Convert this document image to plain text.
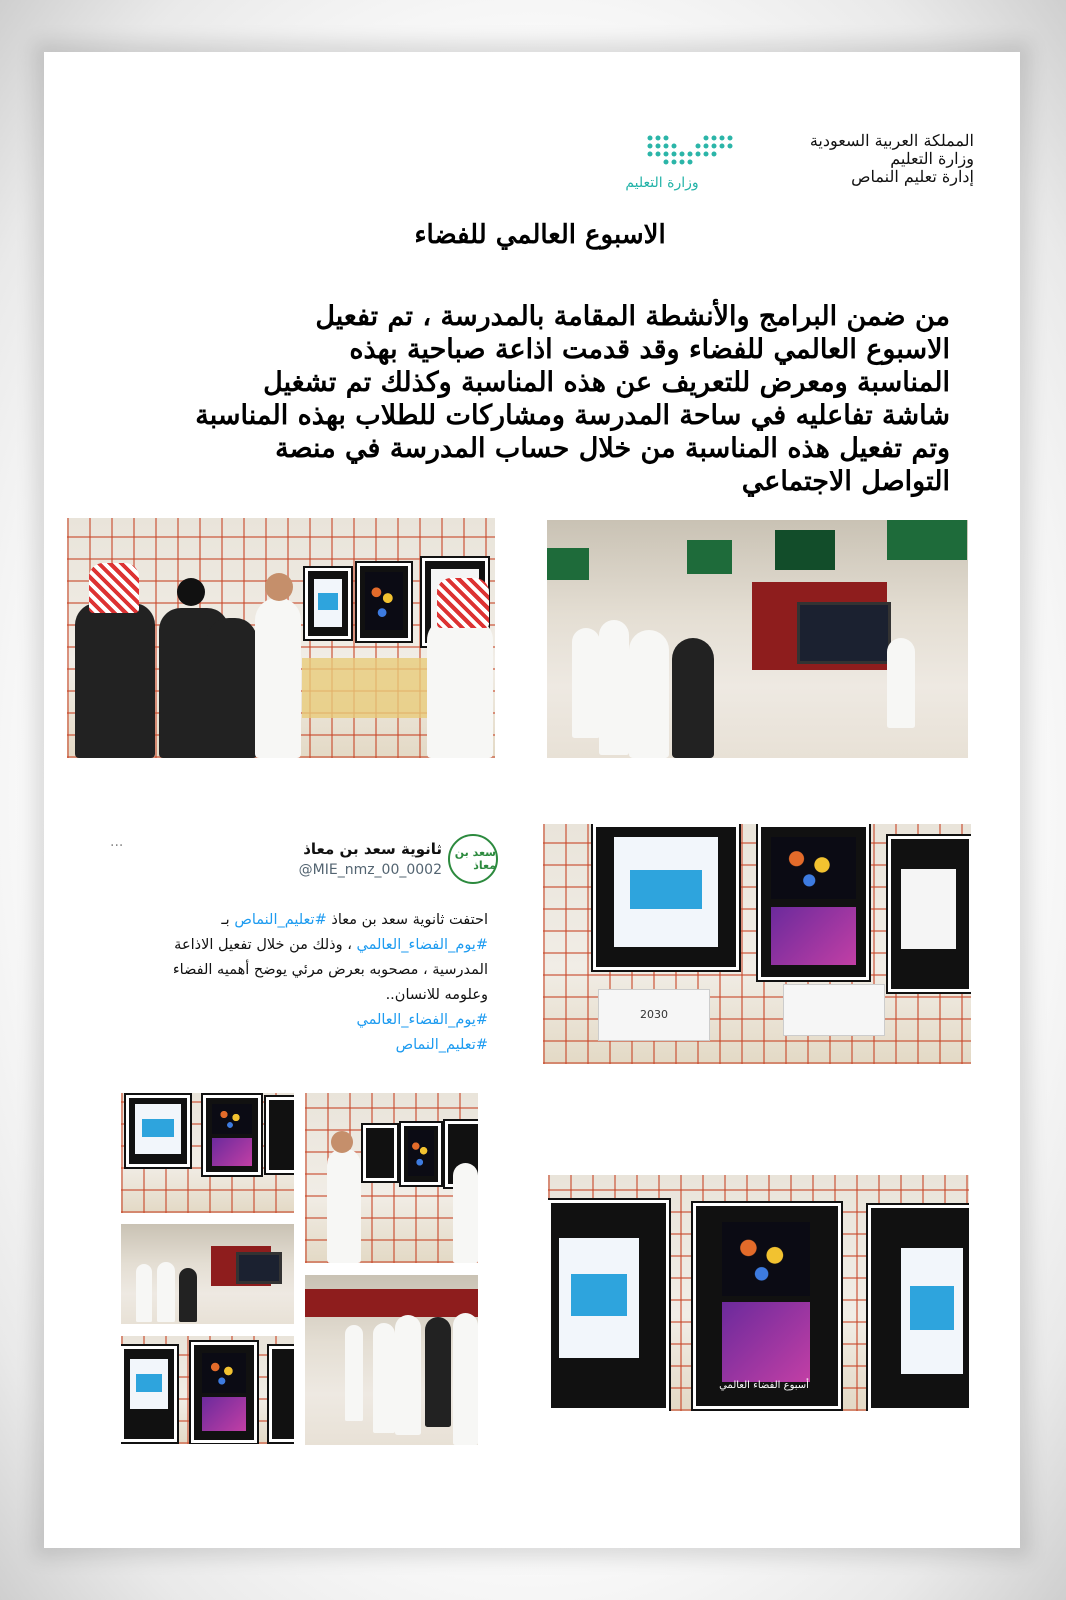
المملكة العربية السعودية
وزارة التعليم
إدارة تعليم النماص
وزارة التعليم
الاسبوع العالمي للفضاء
من ضمن البرامج والأنشطة المقامة بالمدرسة ، تم تفعيل
الاسبوع العالمي للفضاء وقد قدمت اذاعة صباحية بهذه
المناسبة ومعرض للتعريف عن هذه المناسبة وكذلك تم تشغيل
شاشة تفاعليه في ساحة المدرسة ومشاركات للطلاب بهذه المناسبة
وتم تفعيل هذه المناسبة من خلال حساب المدرسة في منصة
التواصل الاجتماعي
سعد بن معاذ
ثانوية سعد بن معاذ
@MIE_nmz_00_0002
···
احتفت ثانوية سعد بن معاذ #تعليم_النماص بـ
#يوم_الفضاء_العالمي ، وذلك من خلال تفعيل الاذاعة
المدرسية ، مصحوبه بعرض مرئي يوضح أهميه الفضاء
وعلومه للانسان..
#يوم_الفضاء_العالمي
#تعليم_النماص
2030
أسبوع الفضاء العالمي
